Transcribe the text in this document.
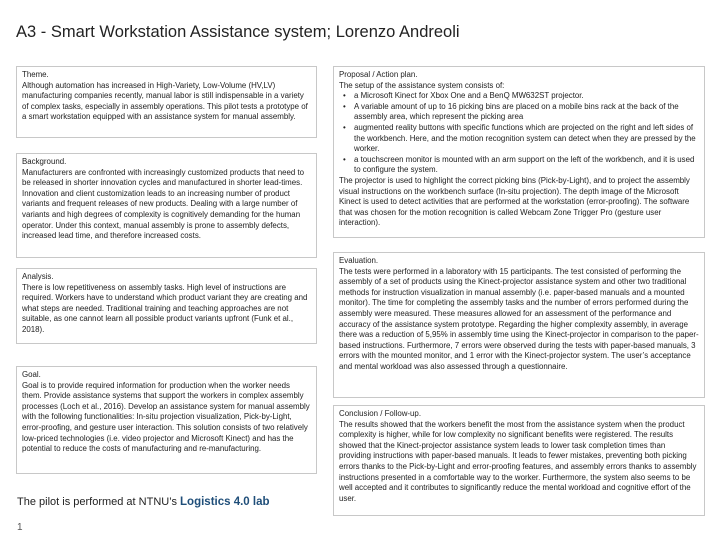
A3 - Smart Workstation Assistance system; Lorenzo Andreoli

Theme.

Although automation has increased in High-Variety, Low-Volume (HV,LV) manufacturing companies recently, manual labor is still indispensable in a variety of complex tasks, especially in assembly operations. This pilot tests a prototype of a smart workstation equipped with an assistance system for manual assembly.

Background.

Manufacturers are confronted with increasingly customized products that need to be released in shorter innovation cycles and manufactured in shorter lead-times. Innovation and client customization leads to an increasing number of product variants and frequent releases of new products. Dealing with a large number of variants and high degrees of complexity is cognitively demanding for the human operator. Under this context, manual assembly is prone to assembly defects, increased lead time, and therefore increased costs.

Analysis.

There is low repetitiveness on assembly tasks. High level of instructions are required. Workers have to understand which product variant they are creating and what steps are needed. Traditional training and teaching approaches are not suitable, as one cannot learn all possible product variants upfront (Funk et al., 2018).

Goal.

Goal is to provide required information for production when the worker needs them. Provide assistance systems that support the workers in complex assembly processes (Loch et al., 2016). Develop an assistance system for manual assembly with the following functionalities: In-situ projection visualization, Pick-by-Light, error-proofing, and gesture user interaction. This solution consists of two relatively low-priced technologies (i.e. video projector and Microsoft Kinect) and has the potential to reduce the costs of manufacturing and re-manufacturing.

The pilot is performed at NTNU’s Logistics 4.0 lab
1

Proposal / Action plan.

The setup of the assistance system consists of:

• a Microsoft Kinect for Xbox One and a BenQ MW632ST projector.
• A variable amount of up to 16 picking bins are placed on a mobile bins rack at the back of the assembly area, which represent the picking area
• augmented reality buttons with specific functions which are projected on the right and left sides of the workbench. Here, and the motion recognition system can detect when they are pressed by the worker.
• a touchscreen monitor is mounted with an arm support on the left of the workbench, and it is used to configure the system.

The projector is used to highlight the correct picking bins (Pick-by-Light), and to project the assembly visual instructions on the workbench surface (In-situ projection). The depth image of the Microsoft Kinect is used to detect activities that are performed at the workstation (error-proofing). The software that was chosen for the motion recognition is called Webcam Zone Trigger Pro (gesture user interaction).

Evaluation.

The tests were performed in a laboratory with 15 participants. The test consisted of performing the assembly of a set of products using the Kinect-projector assistance system and other two traditional methods for instruction visualization in manual assembly (i.e. paper-based manuals and a mounted monitor). The time for completing the assembly tasks and the number of errors performed during the assembly were measured. These measures allowed for an assessment of the performance and accuracy of the assistance system prototype. Regarding the higher complexity assembly, in average there was a reduction of 5,95% in assembly time using the Kinect-projector in comparison to the paper-based instructions. Furthermore, 7 errors were observed during the tests with paper-based manuals, 3 errors with the mounted monitor, and 1 error with the Kinect-projector system. The user’s acceptance and mental workload was also assessed through a questionnaire.

Conclusion / Follow-up.

The results showed that the workers benefit the most from the assistance system when the product complexity is higher, while for low complexity no significant benefits were registered. The results showed that the Kinect-projector assistance system leads to lower task completion times than providing instructions with paper-based manuals. It leads to fewer mistakes, preventing both picking errors thanks to the Pick-by-Light and error-proofing features, and assembly errors thanks to assembly instructions presented in a comfortable way to the worker. Furthermore, the system also seems to be well accepted and it contributes to significantly reduce the mental workload and cognitive effort of the user.
